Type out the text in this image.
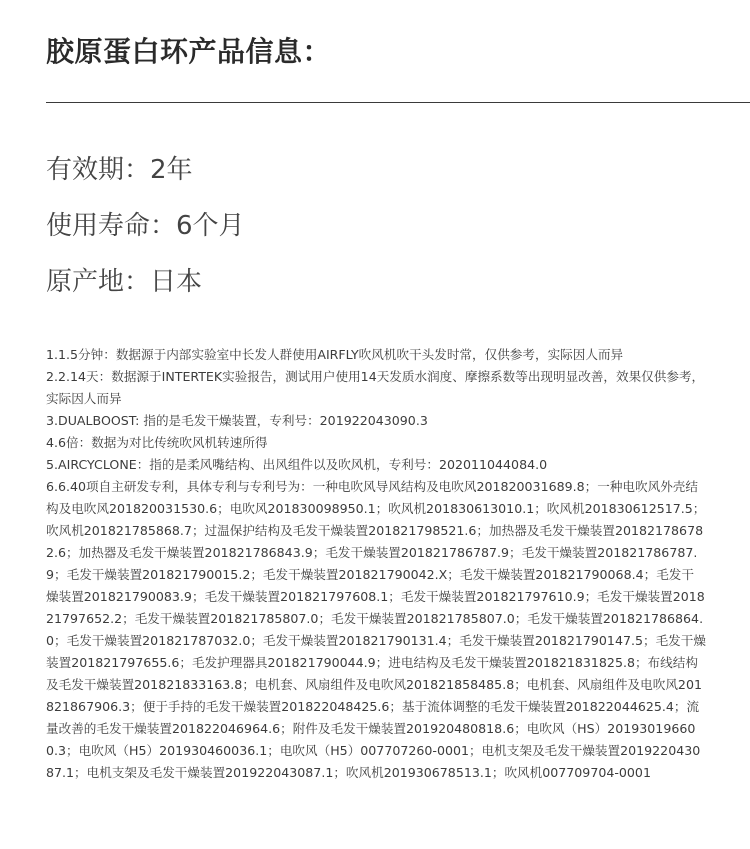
胶原蛋白环产品信息：
有效期：2年
使用寿命：6个月
原产地：日本

1.1.5分钟：数据源于内部实验室中长发人群使用AIRFLY吹风机吹干头发时常，仅供参考，实际因人而异

2.2.14天：数据源于INTERTEK实验报告，测试用户使用14天发质水润度、摩擦系数等出现明显改善，效果仅供参考，实际因人而异

3.DUALBOOST: 指的是毛发干燥装置，专利号：201922043090.3

4.6倍：数据为对比传统吹风机转速所得

5.AIRCYCLONE：指的是柔风嘴结构、出风组件以及吹风机，专利号：202011044084.0

6.6.40项自主研发专利，具体专利与专利号为：一种电吹风导风结构及电吹风201820031689.8；一种电吹风外壳结构及电吹风201820031530.6；电吹风201830098950.1；吹风机201830613010.1；吹风机201830612517.5；吹风机201821785868.7；过温保护结构及毛发干燥装置201821798521.6；加热器及毛发干燥装置201821786782.6；加热器及毛发干燥装置201821786843.9；毛发干燥装置201821786787.9；毛发干燥装置201821786787.9；毛发干燥装置201821790015.2；毛发干燥装置201821790042.X；毛发干燥装置201821790068.4；毛发干燥装置201821790083.9；毛发干燥装置201821797608.1；毛发干燥装置201821797610.9；毛发干燥装置201821797652.2；毛发干燥装置201821785807.0；毛发干燥装置201821785807.0；毛发干燥装置201821786864.0；毛发干燥装置201821787032.0；毛发干燥装置201821790131.4；毛发干燥装置201821790147.5；毛发干燥装置201821797655.6；毛发护理器具201821790044.9；进电结构及毛发干燥装置201821831825.8；布线结构及毛发干燥装置201821833163.8；电机套、风扇组件及电吹风201821858485.8；电机套、风扇组件及电吹风201821867906.3；便于手持的毛发干燥装置201822048425.6；基于流体调整的毛发干燥装置201822044625.4；流量改善的毛发干燥装置201822046964.6；附件及毛发干燥装置201920480818.6；电吹风（HS）201930196600.3；电吹风（H5）201930460036.1；电吹风（H5）007707260-0001；电机支架及毛发干燥装置201922043087.1；电机支架及毛发干燥装置201922043087.1；吹风机201930678513.1；吹风机007709704-0001
